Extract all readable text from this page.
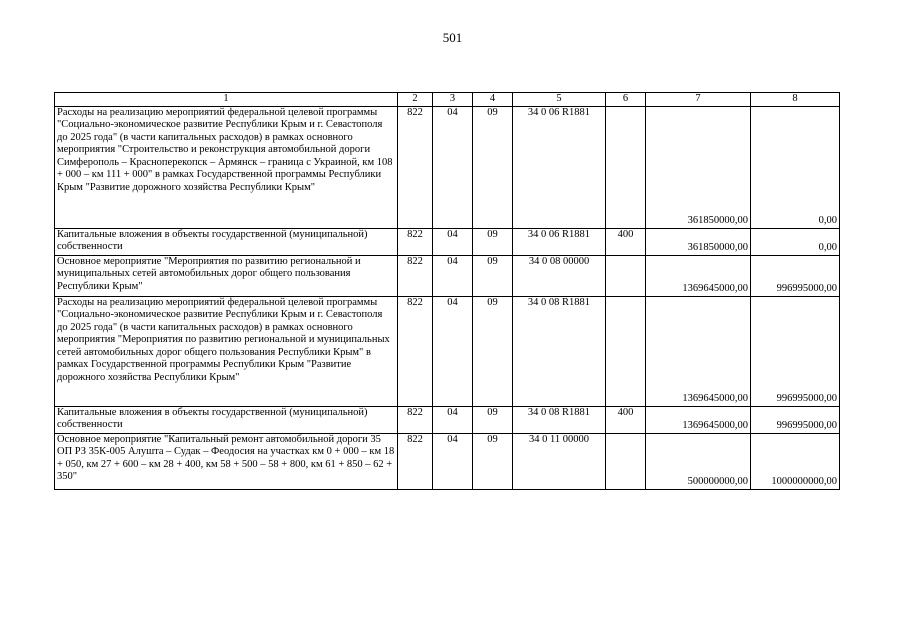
501
1	2	3	4	5	6	7	8
Расходы на реализацию мероприятий федеральной целевой программы "Социально-экономическое развитие Республики Крым и г. Севастополя до 2025 года" (в части капитальных расходов) в рамках основного мероприятия "Строительство и реконструкция автомобильной дороги Симферополь – Красноперекопск – Армянск – граница с Украиной, км 108 + 000 – км 111 + 000" в рамках Государственной программы Республики Крым "Развитие дорожного хозяйства Республики Крым"	822	04	09	34 0 06 R1881		361850000,00	0,00
Капитальные вложения в объекты государственной (муниципальной) собственности	822	04	09	34 0 06 R1881	400	361850000,00	0,00
Основное мероприятие "Мероприятия по развитию региональной и муниципальных сетей автомобильных дорог общего пользования Республики Крым"	822	04	09	34 0 08 00000		1369645000,00	996995000,00
Расходы на реализацию мероприятий федеральной целевой программы "Социально-экономическое развитие Республики Крым и г. Севастополя до 2025 года" (в части капитальных расходов) в рамках основного мероприятия "Мероприятия по развитию региональной и муниципальных сетей автомобильных дорог общего пользования Республики Крым" в рамках Государственной программы Республики Крым "Развитие дорожного хозяйства Республики Крым"	822	04	09	34 0 08 R1881		1369645000,00	996995000,00
Капитальные вложения в объекты государственной (муниципальной) собственности	822	04	09	34 0 08 R1881	400	1369645000,00	996995000,00
Основное мероприятие "Капитальный ремонт автомобильной дороги 35 ОП РЗ 35К-005 Алушта – Судак – Феодосия на участках км 0 + 000 – км 18 + 050, км 27 + 600 – км 28 + 400, км 58 + 500 – 58 + 800, км 61 + 850 – 62 + 350"	822	04	09	34 0 11 00000		500000000,00	1000000000,00
